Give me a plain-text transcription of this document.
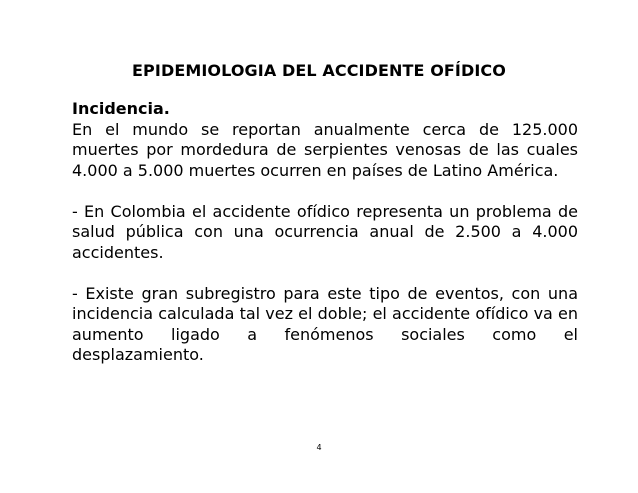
EPIDEMIOLOGIA DEL ACCIDENTE OFÍDICO
Incidencia.

En el mundo se reportan anualmente cerca de 125.000 muertes por mordedura de serpientes venosas de las cuales 4.000 a 5.000 muertes ocurren en países de Latino América.

- En Colombia el accidente ofídico representa un problema de salud pública con una ocurrencia anual de 2.500 a 4.000 accidentes.

- Existe gran subregistro para este tipo de eventos, con una incidencia calculada tal vez el doble; el accidente ofídico va en aumento ligado a fenómenos sociales como el desplazamiento.

4
